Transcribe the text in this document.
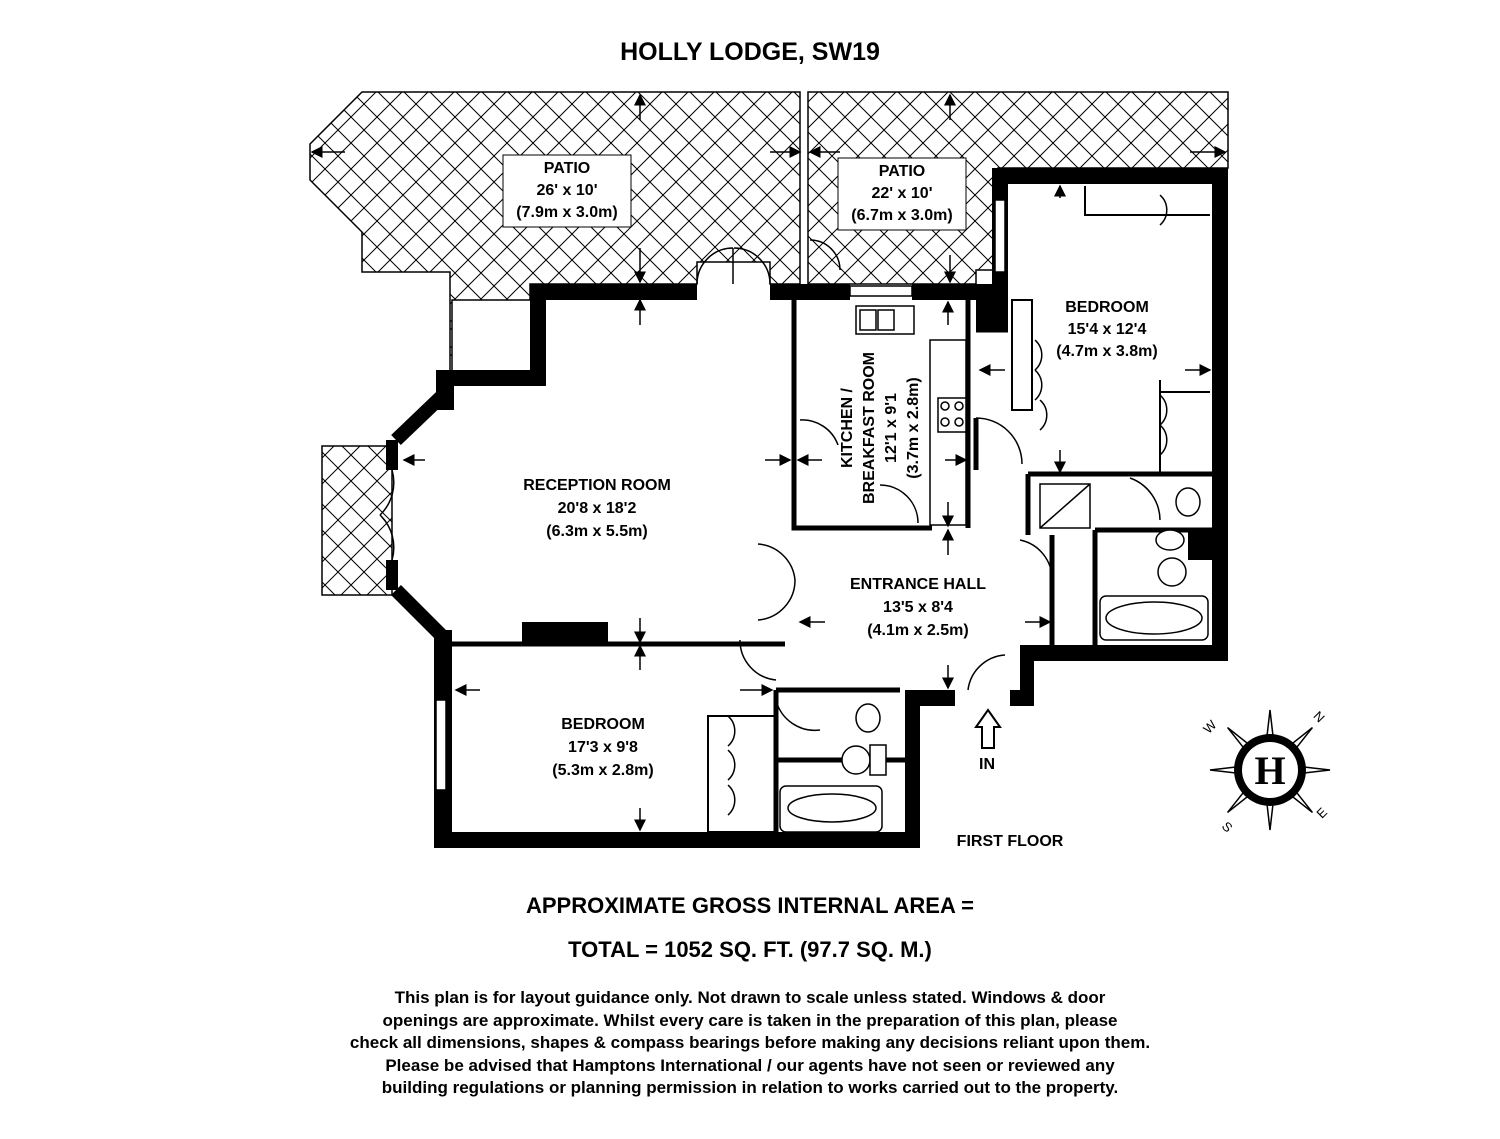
HOLLY LODGE, SW19
PATIO
26' x 10'
(7.9m x 3.0m)
PATIO
22' x 10'
(6.7m x 3.0m)
BEDROOM
15'4 x 12'4
(4.7m x 3.8m)
KITCHEN / BREAKFAST ROOM 12'1 x 9'1 (3.7m x 2.8m)
RECEPTION ROOM
20'8 x 18'2
(6.3m x 5.5m)
ENTRANCE HALL
13'5 x 8'4
(4.1m x 2.5m)
BEDROOM
17'3 x 9'8
(5.3m x 2.8m)	IN
FIRST FLOOR
H
W
N
S
E
APPROXIMATE GROSS INTERNAL AREA =
TOTAL = 1052 SQ. FT. (97.7 SQ. M.)
This plan is for layout guidance only. Not drawn to scale unless stated. Windows & door
openings are approximate. Whilst every care is taken in the preparation of this plan, please
check all dimensions, shapes & compass bearings before making any decisions reliant upon them.
Please be advised that Hamptons International / our agents have not seen or reviewed any
building regulations or planning permission in relation to works carried out to the property.
